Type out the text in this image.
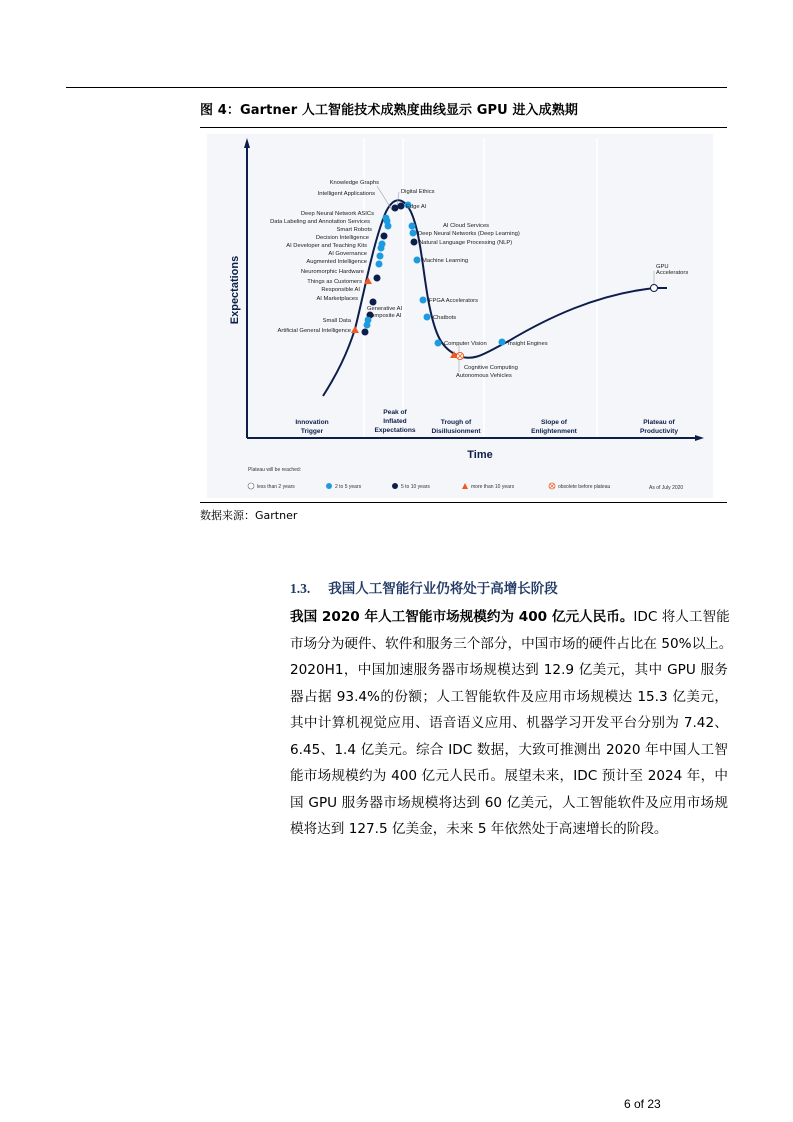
图 4：Gartner 人工智能技术成熟度曲线显示 GPU 进入成熟期
Expectations
Knowledge Graphs
Intelligent Applications	Digital Ethics
Edge AI
Deep Neural Network ASICs
Data Labeling and Annotation Services
Smart Robots
Decision Intelligence
AI Developer and Teaching Kits
AI Governance
Augmented Intelligence
Neuromorphic Hardware
Things as Customers
Responsible AI
AI Marketplaces
Generative AI
Composite AI
Small Data
Artificial General Intelligence
AI Cloud Services
Deep Neural Networks (Deep Learning)
Natural Language Processing (NLP)
Machine Learning
FPGA Accelerators
Chatbots
Computer Vision
Autonomous Vehicles
Cognitive Computing
Insight Engines
GPU
Accelerators
Innovation
Trigger
Peak of
Inflated
Expectations
Trough of
Disillusionment
Slope of
Enlightenment
Plateau of
Productivity
Time
Plateau will be reached:
less than 2 years	2 to 5 years	5 to 10 years	more than 10 years	obsolete before plateau	As of July 2020
数据来源：Gartner
1.3. 我国人工智能行业仍将处于高增长阶段
我国 2020 年人工智能市场规模约为 400 亿元人民币。IDC 将人工智能
市场分为硬件、软件和服务三个部分，中国市场的硬件占比在 50%以上。
2020H1，中国加速服务器市场规模达到 12.9 亿美元，其中 GPU 服务
器占据 93.4%的份额；人工智能软件及应用市场规模达 15.3 亿美元，
其中计算机视觉应用、语音语义应用、机器学习开发平台分别为 7.42、
6.45、1.4 亿美元。综合 IDC 数据，大致可推测出 2020 年中国人工智
能市场规模约为 400 亿元人民币。展望未来，IDC 预计至 2024 年，中
国 GPU 服务器市场规模将达到 60 亿美元，人工智能软件及应用市场规
模将达到 127.5 亿美金，未来 5 年依然处于高速增长的阶段。
6 of 23
